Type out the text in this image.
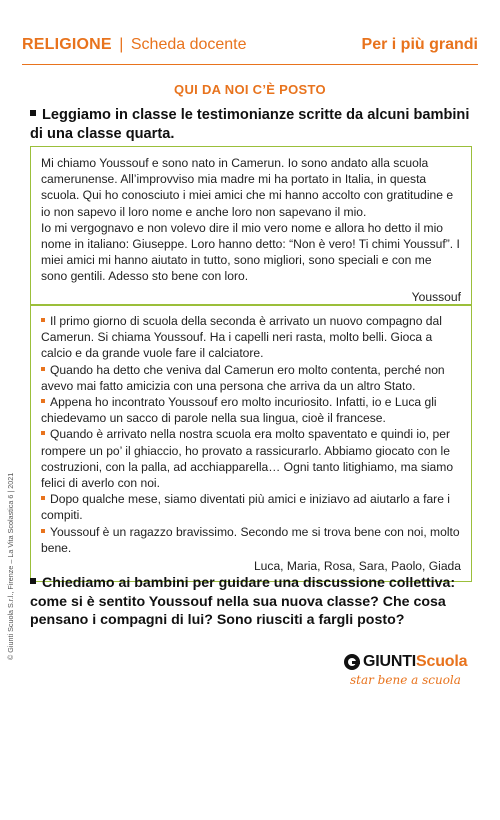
RELIGIONE | Scheda docente	Per i più grandi
QUI DA NOI C’È POSTO
Leggiamo in classe le testimonianze scritte da alcuni bambini di una classe quarta.

Mi chiamo Youssouf e sono nato in Camerun. Io sono andato alla scuola camerunense. All’improvviso mia madre mi ha portato in Italia, in questa scuola. Qui ho conosciuto i miei amici che mi hanno accolto con gratitudine e io non sapevo il loro nome e anche loro non sapevano il mio.

Io mi vergognavo e non volevo dire il mio vero nome e allora ho detto il mio nome in italiano: Giuseppe. Loro hanno detto: “Non è vero! Ti chimi Youssuf”. I miei amici mi hanno aiutato in tutto, sono migliori, sono speciali e con me sono gentili. Adesso sto bene con loro.

Youssouf

Il primo giorno di scuola della seconda è arrivato un nuovo compagno dal Camerun. Si chiama Youssouf. Ha i capelli neri rasta, molto belli. Gioca a calcio e da grande vuole fare il calciatore.

Quando ha detto che veniva dal Camerun ero molto contenta, perché non avevo mai fatto amicizia con una persona che arriva da un altro Stato.

Appena ho incontrato Youssouf ero molto incuriosito. Infatti, io e Luca gli chiedevamo un sacco di parole nella sua lingua, cioè il francese.

Quando è arrivato nella nostra scuola era molto spaventato e quindi io, per rompere un po’ il ghiaccio, ho provato a rassicurarlo. Abbiamo giocato con le costruzioni, con la palla, ad acchiapparella… Ogni tanto litighiamo, ma siamo felici di averlo con noi.

Dopo qualche mese, siamo diventati più amici e iniziavo ad aiutarlo a fare i compiti.

Youssouf è un ragazzo bravissimo. Secondo me si trova bene con noi, molto bene.

Luca, Maria, Rosa, Sara, Paolo, Giada

Chiediamo ai bambini per guidare una discussione collettiva: come si è sentito Youssouf nella sua nuova classe? Che cosa pensano i compagni di lui? Sono riusciti a fargli posto?
© Giunti Scuola S.r.l., Firenze – La Vita Scolastica 6 | 2021
GIUNTI Scuola
star bene a scuola
